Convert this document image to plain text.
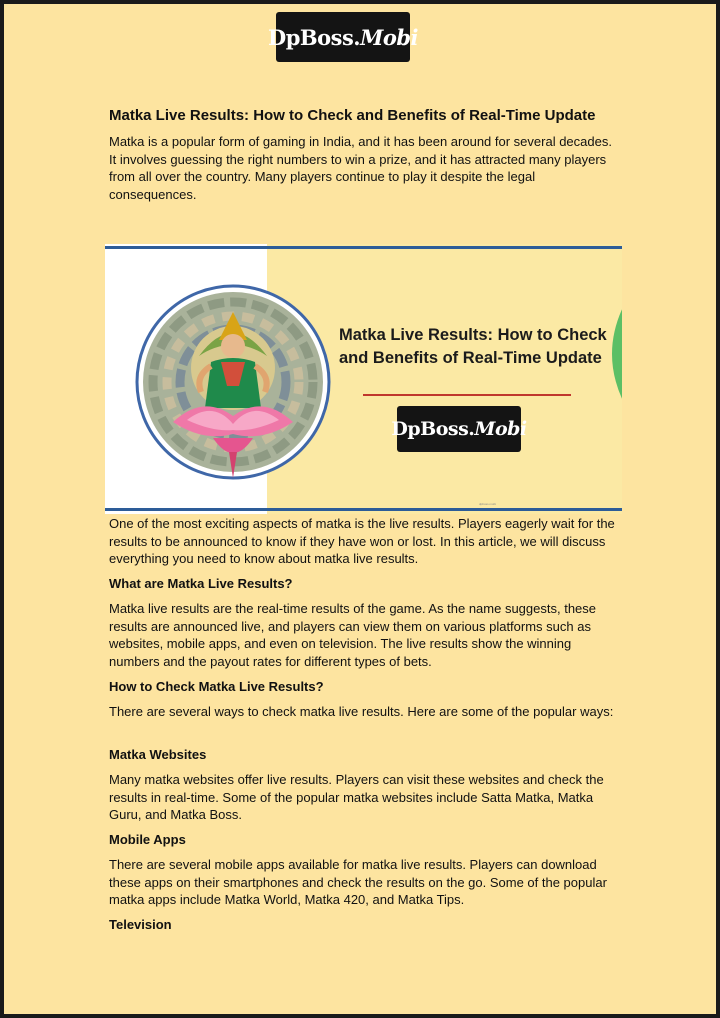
DpBoss.Mobi
Matka Live Results: How to Check and Benefits of Real-Time Update

Matka is a popular form of gaming in India, and it has been around for several decades. It involves guessing the right numbers to win a prize, and it has attracted many players from all over the country. Many players continue to play it despite the legal consequences.

Matka Live Results: How to Check and Benefits of Real-Time Update
DpBoss.Mobi
dpboss.mobi

One of the most exciting aspects of matka is the live results. Players eagerly wait for the results to be announced to know if they have won or lost. In this article, we will discuss everything you need to know about matka live results.

What are Matka Live Results?

Matka live results are the real-time results of the game. As the name suggests, these results are announced live, and players can view them on various platforms such as websites, mobile apps, and even on television. The live results show the winning numbers and the payout rates for different types of bets.

How to Check Matka Live Results?

There are several ways to check matka live results. Here are some of the popular ways:

Matka Websites

Many matka websites offer live results. Players can visit these websites and check the results in real-time. Some of the popular matka websites include Satta Matka, Matka Guru, and Matka Boss.

Mobile Apps

There are several mobile apps available for matka live results. Players can download these apps on their smartphones and check the results on the go. Some of the popular matka apps include Matka World, Matka 420, and Matka Tips.

Television
